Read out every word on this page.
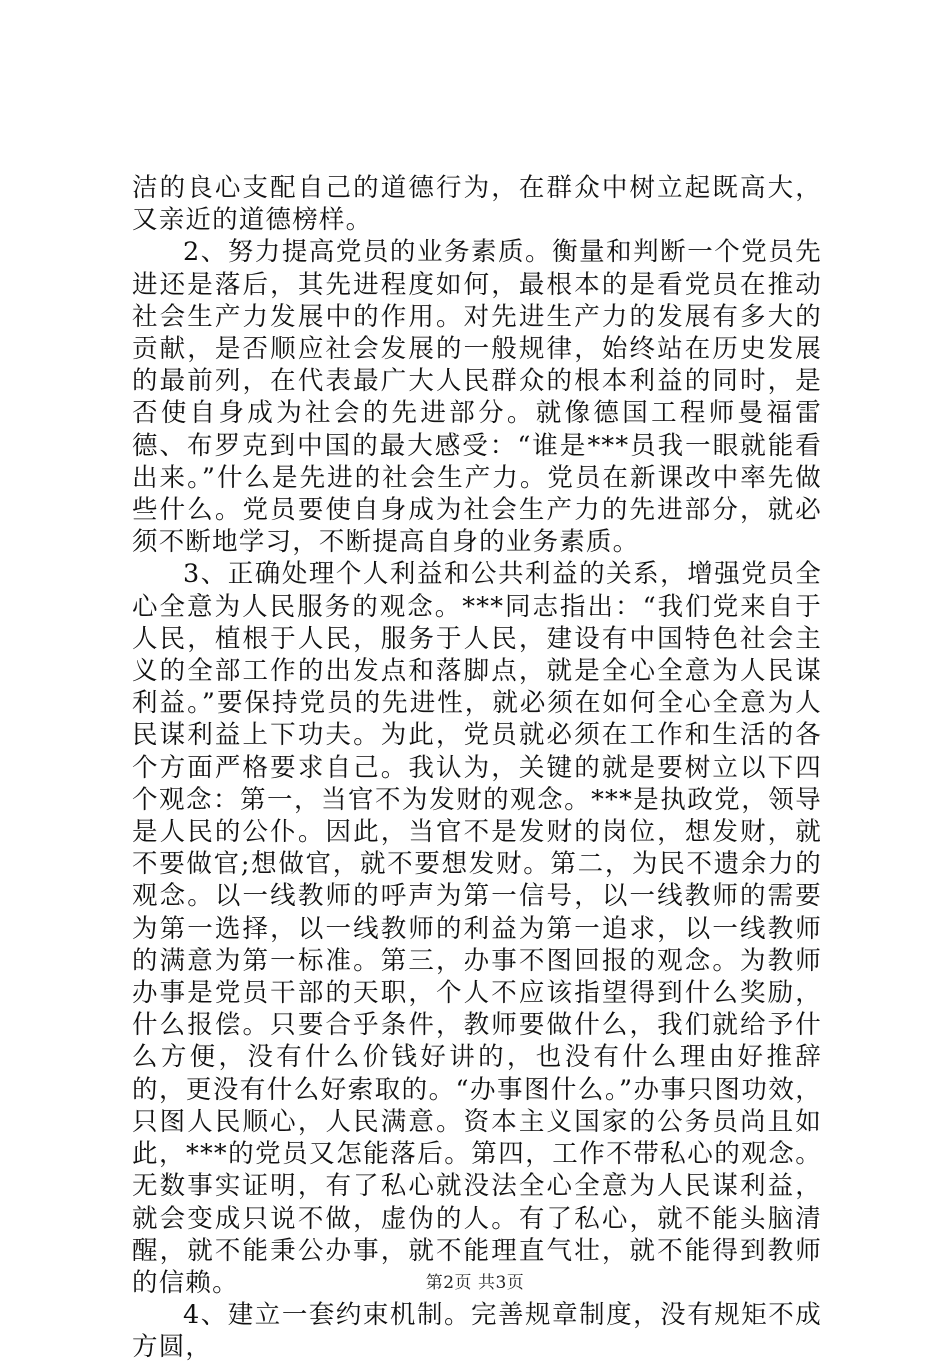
洁的良心支配自己的道德行为，在群众中树立起既高大，又亲近的道德榜样。

2、努力提高党员的业务素质。衡量和判断一个党员先进还是落后，其先进程度如何，最根本的是看党员在推动社会生产力发展中的作用。对先进生产力的发展有多大的贡献，是否顺应社会发展的一般规律，始终站在历史发展的最前列，在代表最广大人民群众的根本利益的同时，是否使自身成为社会的先进部分。就像德国工程师曼福雷德、布罗克到中国的最大感受：“谁是***员我一眼就能看出来。”什么是先进的社会生产力。党员在新课改中率先做些什么。党员要使自身成为社会生产力的先进部分，就必须不断地学习，不断提高自身的业务素质。

3、正确处理个人利益和公共利益的关系，增强党员全心全意为人民服务的观念。***同志指出：“我们党来自于人民，植根于人民，服务于人民，建设有中国特色社会主义的全部工作的出发点和落脚点，就是全心全意为人民谋利益。”要保持党员的先进性，就必须在如何全心全意为人民谋利益上下功夫。为此，党员就必须在工作和生活的各个方面严格要求自己。我认为，关键的就是要树立以下四个观念：第一，当官不为发财的观念。***是执政党，领导是人民的公仆。因此，当官不是发财的岗位，想发财，就不要做官;想做官，就不要想发财。第二，为民不遗余力的观念。以一线教师的呼声为第一信号，以一线教师的需要为第一选择，以一线教师的利益为第一追求，以一线教师的满意为第一标准。第三，办事不图回报的观念。为教师办事是党员干部的天职，个人不应该指望得到什么奖励，什么报偿。只要合乎条件，教师要做什么，我们就给予什么方便，没有什么价钱好讲的，也没有什么理由好推辞的，更没有什么好索取的。“办事图什么。”办事只图功效，只图人民顺心，人民满意。资本主义国家的公务员尚且如此，***的党员又怎能落后。第四，工作不带私心的观念。无数事实证明，有了私心就没法全心全意为人民谋利益，就会变成只说不做，虚伪的人。有了私心，就不能头脑清醒，就不能秉公办事，就不能理直气壮，就不能得到教师的信赖。

4、建立一套约束机制。完善规章制度，没有规矩不成方圆，

第2页 共3页
